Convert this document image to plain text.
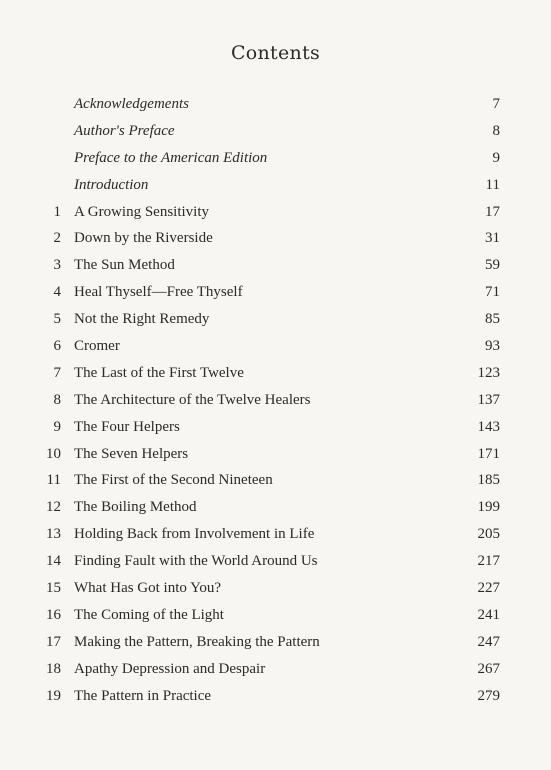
Contents
Acknowledgements	7
Author's Preface	8
Preface to the American Edition	9
Introduction	11
1 A Growing Sensitivity	17
2 Down by the Riverside	31
3 The Sun Method	59
4 Heal Thyself—Free Thyself	71
5 Not the Right Remedy	85
6 Cromer	93
7 The Last of the First Twelve	123
8 The Architecture of the Twelve Healers	137
9 The Four Helpers	143
10 The Seven Helpers	171
11 The First of the Second Nineteen	185
12 The Boiling Method	199
13 Holding Back from Involvement in Life	205
14 Finding Fault with the World Around Us	217
15 What Has Got into You?	227
16 The Coming of the Light	241
17 Making the Pattern, Breaking the Pattern	247
18 Apathy Depression and Despair	267
19 The Pattern in Practice	279
